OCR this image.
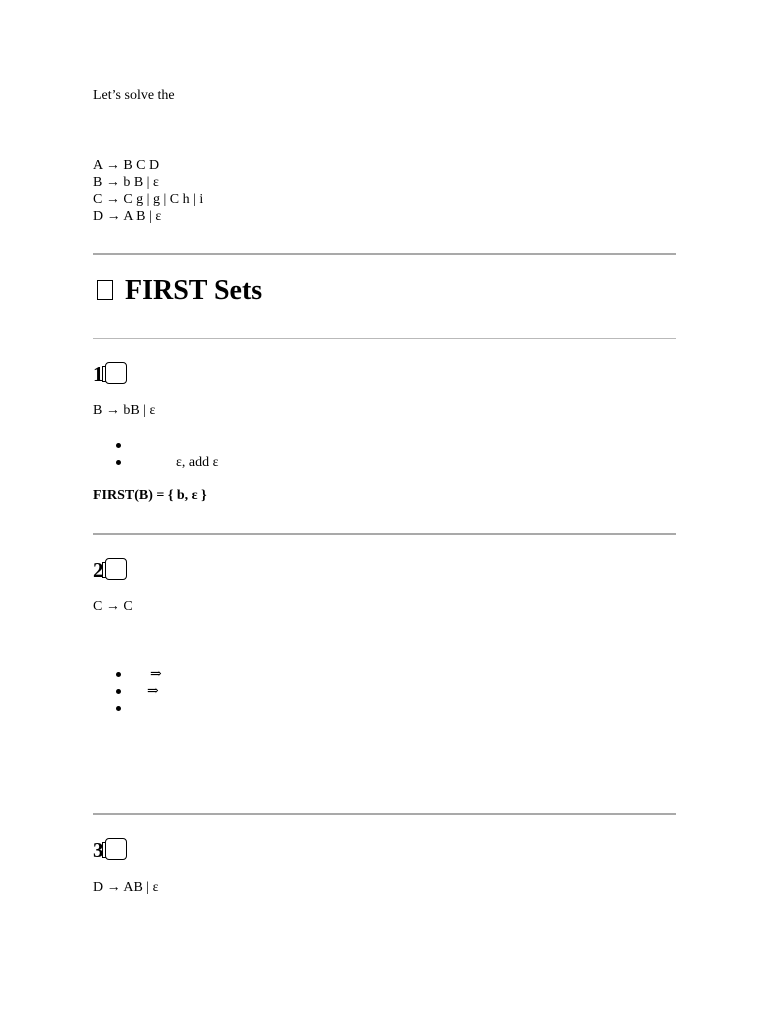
Let’s solve the
A → B C D
B → b B | ε
C → C g | g | C h | i
D → A B | ε
FIRST Sets
1
B → bB | ε
ε, add ε
FIRST(B) = { b, ε }
2
C → C
⇒
⇒
3
D → AB | ε
